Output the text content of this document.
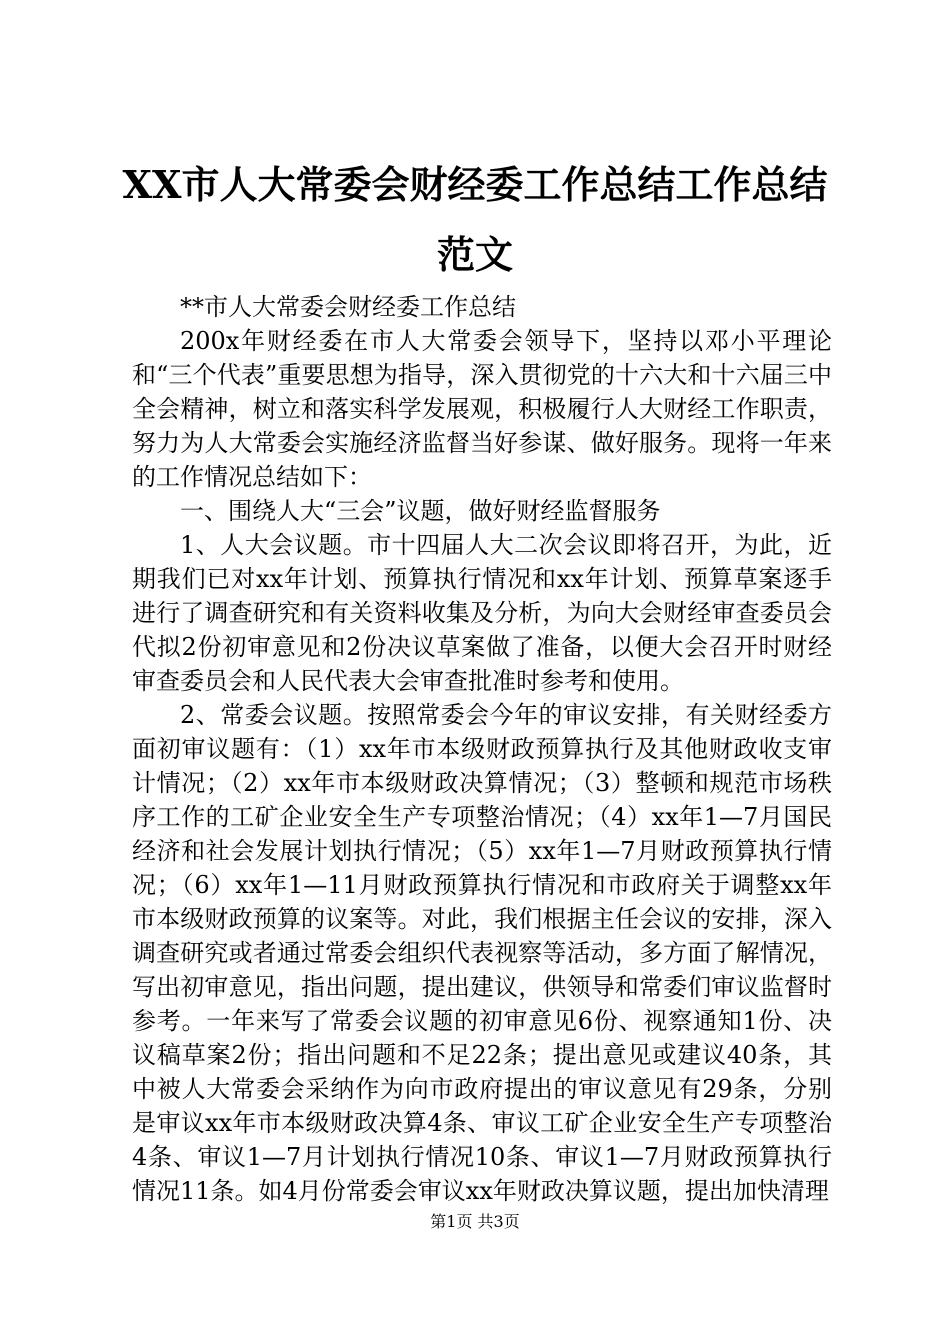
XX市人大常委会财经委工作总结工作总结范文

**市人大常委会财经委工作总结

200x年财经委在市人大常委会领导下，坚持以邓小平理论和“三个代表”重要思想为指导，深入贯彻党的十六大和十六届三中全会精神，树立和落实科学发展观，积极履行人大财经工作职责，努力为人大常委会实施经济监督当好参谋、做好服务。现将一年来的工作情况总结如下：

一、围绕人大“三会”议题，做好财经监督服务

1、人大会议题。市十四届人大二次会议即将召开，为此，近期我们已对xx年计划、预算执行情况和xx年计划、预算草案逐手进行了调查研究和有关资料收集及分析，为向大会财经审查委员会代拟2份初审意见和2份决议草案做了准备，以便大会召开时财经审查委员会和人民代表大会审查批准时参考和使用。

2、常委会议题。按照常委会今年的审议安排，有关财经委方面初审议题有：（1）xx年市本级财政预算执行及其他财政收支审计情况；（2）xx年市本级财政决算情况；（3）整顿和规范市场秩序工作的工矿企业安全生产专项整治情况；（4）xx年1—7月国民经济和社会发展计划执行情况；（5）xx年1—7月财政预算执行情况；（6）xx年1—11月财政预算执行情况和市政府关于调整xx年市本级财政预算的议案等。对此，我们根据主任会议的安排，深入调查研究或者通过常委会组织代表视察等活动，多方面了解情况，写出初审意见，指出问题，提出建议，供领导和常委们审议监督时参考。一年来写了常委会议题的初审意见6份、视察通知1份、决议稿草案2份；指出问题和不足22条；提出意见或建议40条，其中被人大常委会采纳作为向市政府提出的审议意见有29条，分别是审议xx年市本级财政决算4条、审议工矿企业安全生产专项整治4条、审议1—7月计划执行情况10条、审议1—7月财政预算执行情况11条。如4月份常委会审议xx年财政决算议题，提出加快清理

第1页 共3页
